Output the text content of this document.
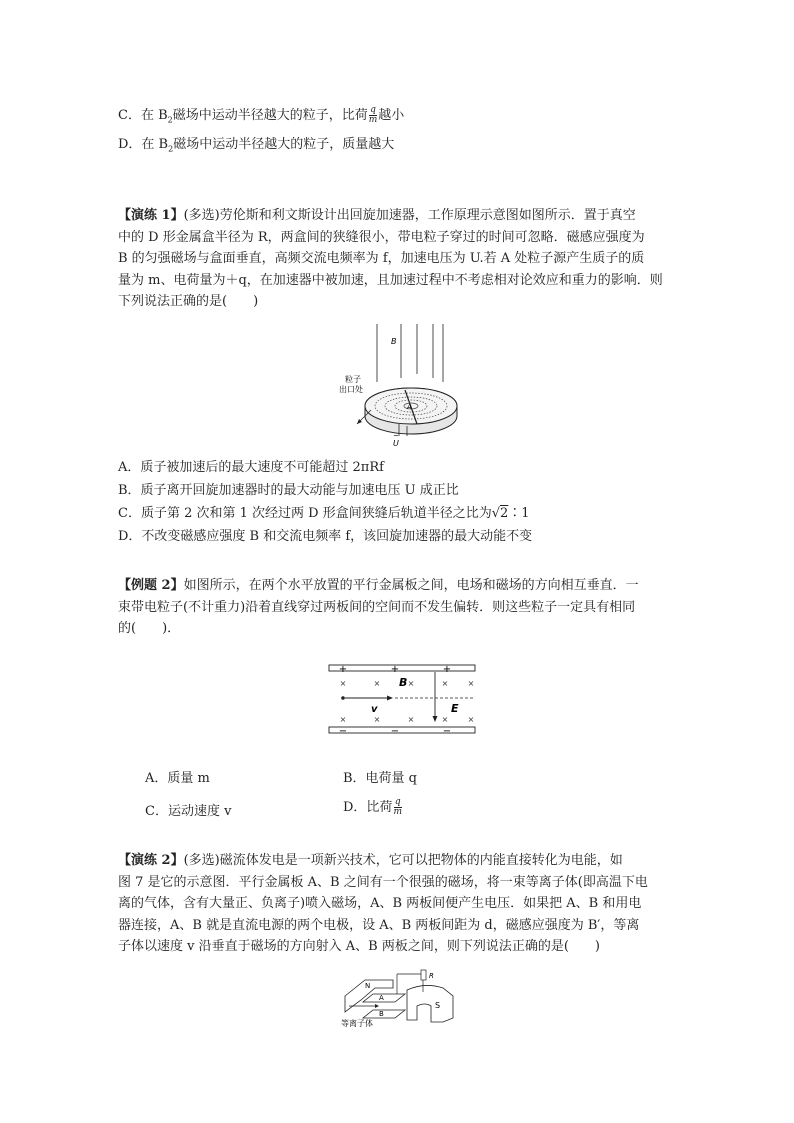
C．在 $B_2$磁场中运动半径越大的粒子，比荷 $\frac{q}{m}$ 越小
D．在 $B_2$磁场中运动半径越大的粒子，质量越大

【演练 1】(多选)劳伦斯和利文斯设计出回旋加速器，工作原理示意图如图所示．置于真空

中的 D 形金属盒半径为 R，两盒间的狭缝很小，带电粒子穿过的时间可忽略．磁感应强度为

B 的匀强磁场与盒面垂直，高频交流电频率为 f，加速电压为 U.若 A 处粒子源产生质子的质

量为 m、电荷量为＋q，在加速器中被加速，且加速过程中不考虑相对论效应和重力的影响．则

下列说法正确的是(　　)

B
A
粒子
出口处
U
~
A．质子被加速后的最大速度不可能超过 2πRf
B．质子离开回旋加速器时的最大动能与加速电压 U 成正比
C．质子第 2 次和第 1 次经过两 D 形盒间狭缝后轨道半径之比为√2∶1
D．不改变磁感应强度 B 和交流电频率 f，该回旋加速器的最大动能不变

【例题 2】如图所示，在两个水平放置的平行金属板之间，电场和磁场的方向相互垂直．一

束带电粒子(不计重力)沿着直线穿过两板间的空间而不发生偏转．则这些粒子一定具有相同

的(　　)．

+	+	+
−	−	−
×	×	×	× ×
×	×	×	× ×
B
v	E
A．质量 m	B．电荷量 q
C．运动速度 v	D．比荷 $\frac{q}{m}$

【演练 2】(多选)磁流体发电是一项新兴技术，它可以把物体的内能直接转化为电能，如

图 7 是它的示意图．平行金属板 A、B 之间有一个很强的磁场，将一束等离子体(即高温下电

离的气体，含有大量正、负离子)喷入磁场，A、B 两板间便产生电压．如果把 A、B 和用电

器连接，A、B 就是直流电源的两个电极，设 A、B 两板间距为 d，磁感应强度为 B′，等离

子体以速度 v 沿垂直于磁场的方向射入 A、B 两板之间，则下列说法正确的是(　　)

N
A
B
S
R
等离子体
